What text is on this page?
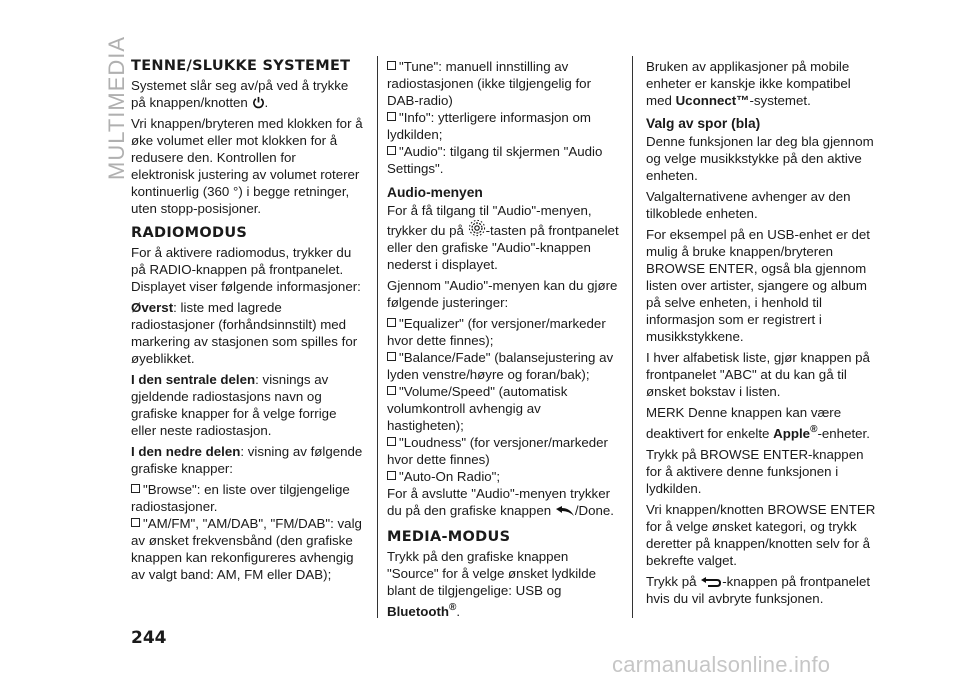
MULTIMEDIA TENNE/SLUKKE SYSTEMET

Systemet slår seg av/på ved å trykke på knappen/knotten .

Vri knappen/bryteren med klokken for å øke volumet eller mot klokken for å redusere den. Kontrollen for elektronisk justering av volumet roterer kontinuerlig (360 °) i begge retninger, uten stopp-posisjoner.

RADIOMODUS

For å aktivere radiomodus, trykker du på RADIO-knappen på frontpanelet. Displayet viser følgende informasjoner:

Øverst: liste med lagrede radiostasjoner (forhåndsinnstilt) med markering av stasjonen som spilles for øyeblikket.

I den sentrale delen: visnings av gjeldende radiostasjons navn og grafiske knapper for å velge forrige eller neste radiostasjon.

I den nedre delen: visning av følgende grafiske knapper:

"Browse": en liste over tilgjengelige radiostasjoner.
"AM/FM", "AM/DAB", "FM/DAB": valg av ønsket frekvensbånd (den grafiske knappen kan rekonfigureres avhengig av valgt band: AM, FM eller DAB);
"Tune": manuell innstilling av radiostasjonen (ikke tilgjengelig for DAB-radio)
"Info": ytterligere informasjon om lydkilden;
"Audio": tilgang til skjermen "Audio Settings".
Audio-menyen

For å få tilgang til "Audio"-menyen, trykker du på -tasten på frontpanelet eller den grafiske "Audio"-knappen nederst i displayet.

Gjennom "Audio"-menyen kan du gjøre følgende justeringer:

"Equalizer" (for versjoner/markeder hvor dette finnes);
"Balance/Fade" (balansejustering av lyden venstre/høyre og foran/bak);
"Volume/Speed" (automatisk volumkontroll avhengig av hastigheten);
"Loudness" (for versjoner/markeder hvor dette finnes)
"Auto-On Radio";

For å avslutte "Audio"-menyen trykker du på den grafiske knappen /Done.

MEDIA-MODUS

Trykk på den grafiske knappen "Source" for å velge ønsket lydkilde blant de tilgjengelige: USB og Bluetooth®.

Bruken av applikasjoner på mobile enheter er kanskje ikke kompatibel med Uconnect™-systemet.

Valg av spor (bla)

Denne funksjonen lar deg bla gjennom og velge musikkstykke på den aktive enheten.

Valgalternativene avhenger av den tilkoblede enheten.

For eksempel på en USB-enhet er det mulig å bruke knappen/bryteren BROWSE ENTER, også bla gjennom listen over artister, sjangere og album på selve enheten, i henhold til informasjon som er registrert i musikkstykkene.

I hver alfabetisk liste, gjør knappen på frontpanelet "ABC" at du kan gå til ønsket bokstav i listen.

MERK Denne knappen kan være deaktivert for enkelte Apple®-enheter.

Trykk på BROWSE ENTER-knappen for å aktivere denne funksjonen i lydkilden.

Vri knappen/knotten BROWSE ENTER for å velge ønsket kategori, og trykk deretter på knappen/knotten selv for å bekrefte valget.

Trykk på -knappen på frontpanelet hvis du vil avbryte funksjonen.

244
carmanualsonline.info
